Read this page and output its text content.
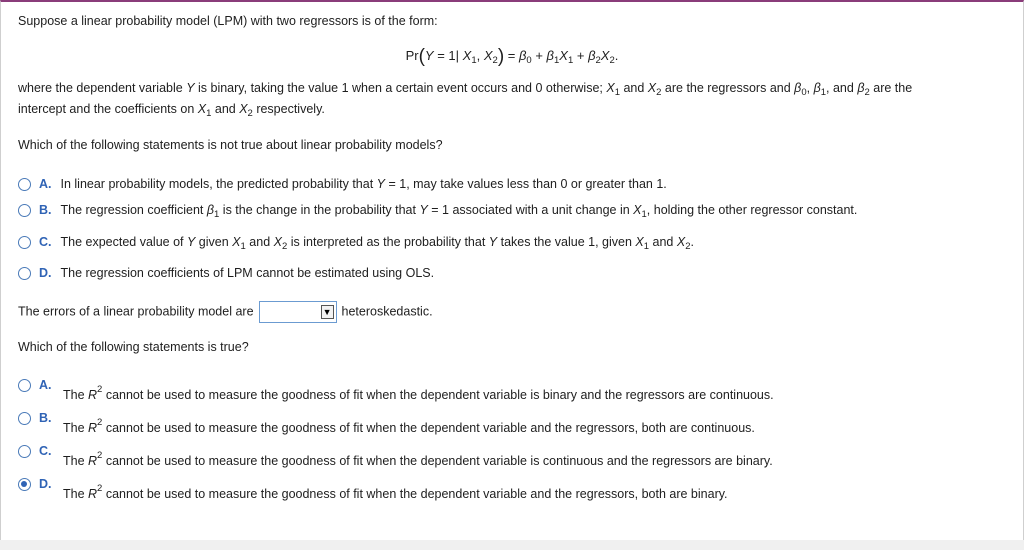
Suppose a linear probability model (LPM) with two regressors is of the form:
Pr(Y = 1| $X_1$, $X_2) = \beta_0 + \beta_1X_1 + \beta_2X_2$.
where the dependent variable Y is binary, taking the value 1 when a certain event occurs and 0 otherwise; $X_1$ and $X_2$ are the regressors and $\beta_0$, $\beta_1$, and $\beta_2$ are the
intercept and the coefficients on $X_1$ and $X_2$ respectively.
Which of the following statements is not true about linear probability models?
A. In linear probability models, the predicted probability that Y = 1, may take values less than 0 or greater than 1.
B. The regression coefficient $\beta_1$ is the change in the probability that Y = 1 associated with a unit change in $X_1$, holding the other regressor constant.
C. The expected value of Y given $X_1$ and $X_2$ is interpreted as the probability that Y takes the value 1, given $X_1$ and $X_2$.
D. The regression coefficients of LPM cannot be estimated using OLS.
The errors of a linear probability model are	▼ heteroskedastic.
Which of the following statements is true?
A.
The $R^2$ cannot be used to measure the goodness of fit when the dependent variable is binary and the regressors are continuous.
B.
The $R^2$ cannot be used to measure the goodness of fit when the dependent variable and the regressors, both are continuous.
C.
The $R^2$ cannot be used to measure the goodness of fit when the dependent variable is continuous and the regressors are binary.
D.
The $R^2$ cannot be used to measure the goodness of fit when the dependent variable and the regressors, both are binary.
